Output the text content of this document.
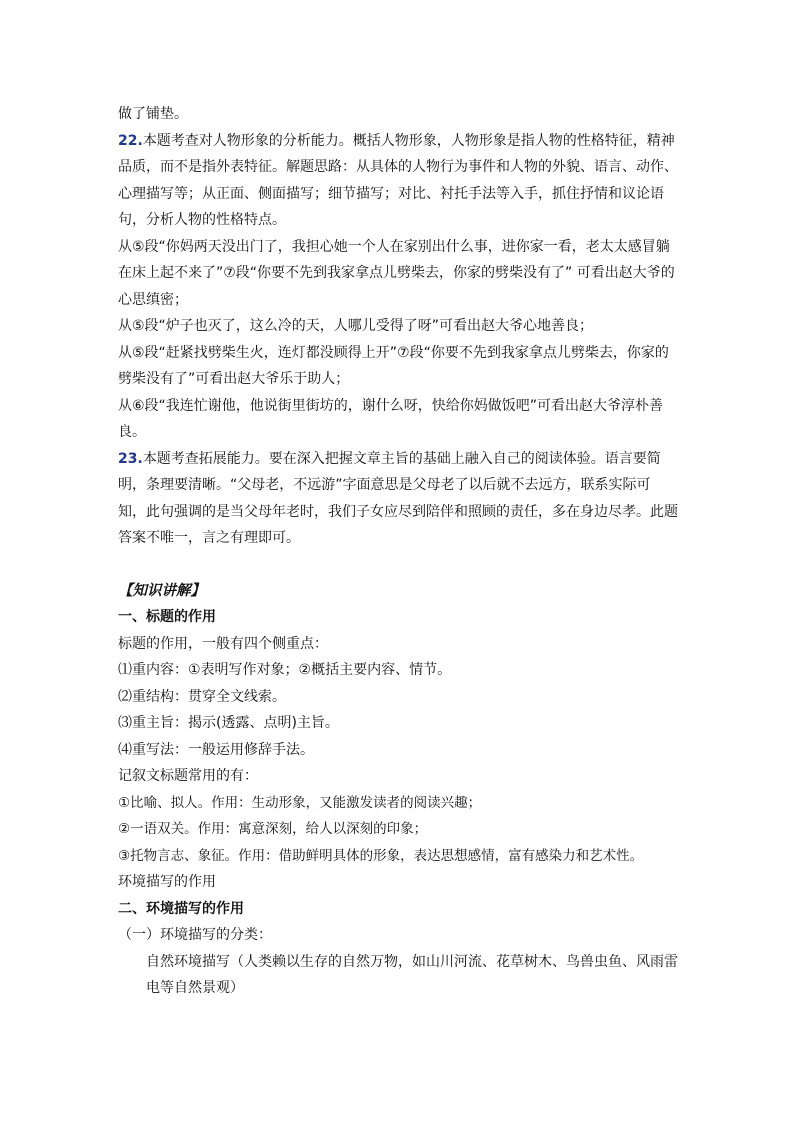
做了铺垫。

22.本题考查对人物形象的分析能力。概括人物形象，人物形象是指人物的性格特征，精神品质，而不是指外表特征。解题思路：从具体的人物行为事件和人物的外貌、语言、动作、心理描写等；从正面、侧面描写；细节描写；对比、衬托手法等入手，抓住抒情和议论语句，分析人物的性格特点。

从⑤段“你妈两天没出门了，我担心她一个人在家别出什么事，进你家一看，老太太感冒躺在床上起不来了”⑦段“你要不先到我家拿点儿劈柴去，你家的劈柴没有了” 可看出赵大爷的心思缜密；

从⑤段“炉子也灭了，这么冷的天，人哪儿受得了呀”可看出赵大爷心地善良；

从⑤段“赶紧找劈柴生火，连灯都没顾得上开”⑦段“你要不先到我家拿点儿劈柴去，你家的劈柴没有了”可看出赵大爷乐于助人；

从⑥段“我连忙谢他，他说街里街坊的，谢什么呀，快给你妈做饭吧”可看出赵大爷淳朴善良。

23.本题考查拓展能力。要在深入把握文章主旨的基础上融入自己的阅读体验。语言要简明，条理要清晰。“父母老，不远游”字面意思是父母老了以后就不去远方，联系实际可知，此句强调的是当父母年老时，我们子女应尽到陪伴和照顾的责任，多在身边尽孝。此题答案不唯一，言之有理即可。

【知识讲解】

一、标题的作用

标题的作用，一般有四个侧重点：

⑴重内容：①表明写作对象；②概括主要内容、情节。

⑵重结构：贯穿全文线索。

⑶重主旨：揭示(透露、点明)主旨。

⑷重写法：一般运用修辞手法。

记叙文标题常用的有：

①比喻、拟人。作用：生动形象，又能激发读者的阅读兴趣；

②一语双关。作用：寓意深刻，给人以深刻的印象；

③托物言志、象征。作用：借助鲜明具体的形象，表达思想感情，富有感染力和艺术性。

环境描写的作用

二、环境描写的作用

（一）环境描写的分类：

自然环境描写（人类赖以生存的自然万物，如山川河流、花草树木、鸟兽虫鱼、风雨雷电等自然景观）
